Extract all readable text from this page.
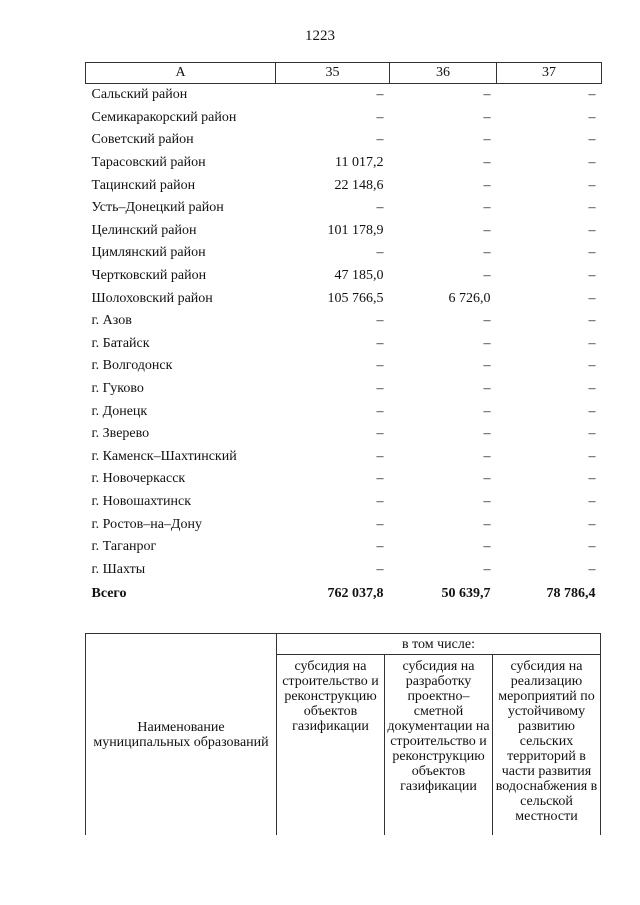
1223
А	35	36	37
Сальский район	–	–	–
Семикаракорский район	–	–	–
Советский район	–	–	–
Тарасовский район	11 017,2	–	–
Тацинский район	22 148,6	–	–
Усть–Донецкий район	–	–	–
Целинский район	101 178,9	–	–
Цимлянский район	–	–	–
Чертковский район	47 185,0	–	–
Шолоховский район	105 766,5	6 726,0	–
г. Азов	–	–	–
г. Батайск	–	–	–
г. Волгодонск	–	–	–
г. Гуково	–	–	–
г. Донецк	–	–	–
г. Зверево	–	–	–
г. Каменск–Шахтинский	–	–	–
г. Новочеркасск	–	–	–
г. Новошахтинск	–	–	–
г. Ростов–на–Дону	–	–	–
г. Таганрог	–	–	–
г. Шахты	–	–	–
Всего	762 037,8	50 639,7	78 786,4
Наименование муниципальных образований	в том числе:		
	субсидия на строительство и реконструкцию объектов газификации	субсидия на разработку проектно–сметной документации на строительство и реконструкцию объектов газификации	субсидия на реализацию мероприятий по устойчивому развитию сельских территорий в части развития водоснабжения в сельской местности
